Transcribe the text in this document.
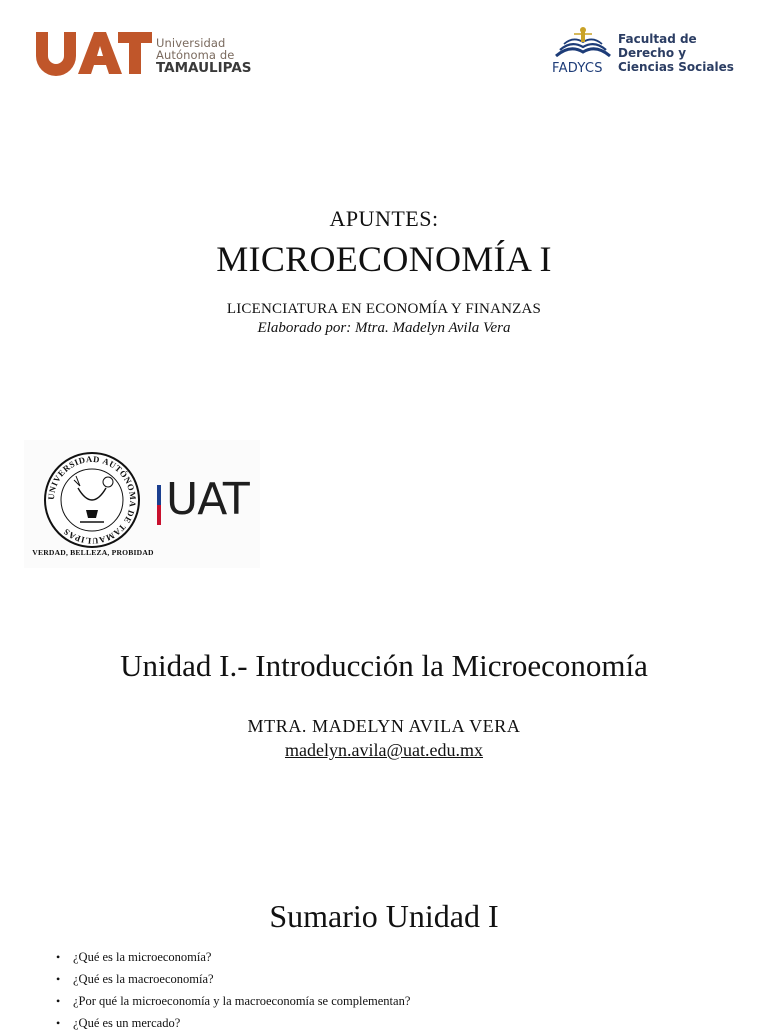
Universidad
Autónoma de
TAMAULIPAS	FADYCS
Facultad de
Derecho y
Ciencias Sociales
APUNTES:
MICROECONOMÍA I
LICENCIATURA EN ECONOMÍA Y FINANZAS
Elaborado por: Mtra. Madelyn Avila Vera
UNIVERSIDAD AUTÓNOMA DE TAMAULIPAS
VERDAD, BELLEZA, PROBIDAD
UAT
Unidad I.- Introducción la Microeconomía
MTRA. MADELYN AVILA VERA
madelyn.avila@uat.edu.mx
Sumario Unidad I
• ¿Qué es la microeconomía?
• ¿Qué es la macroeconomía?
• ¿Por qué la microeconomía y la macroeconomía se complementan?
• ¿Qué es un mercado?
